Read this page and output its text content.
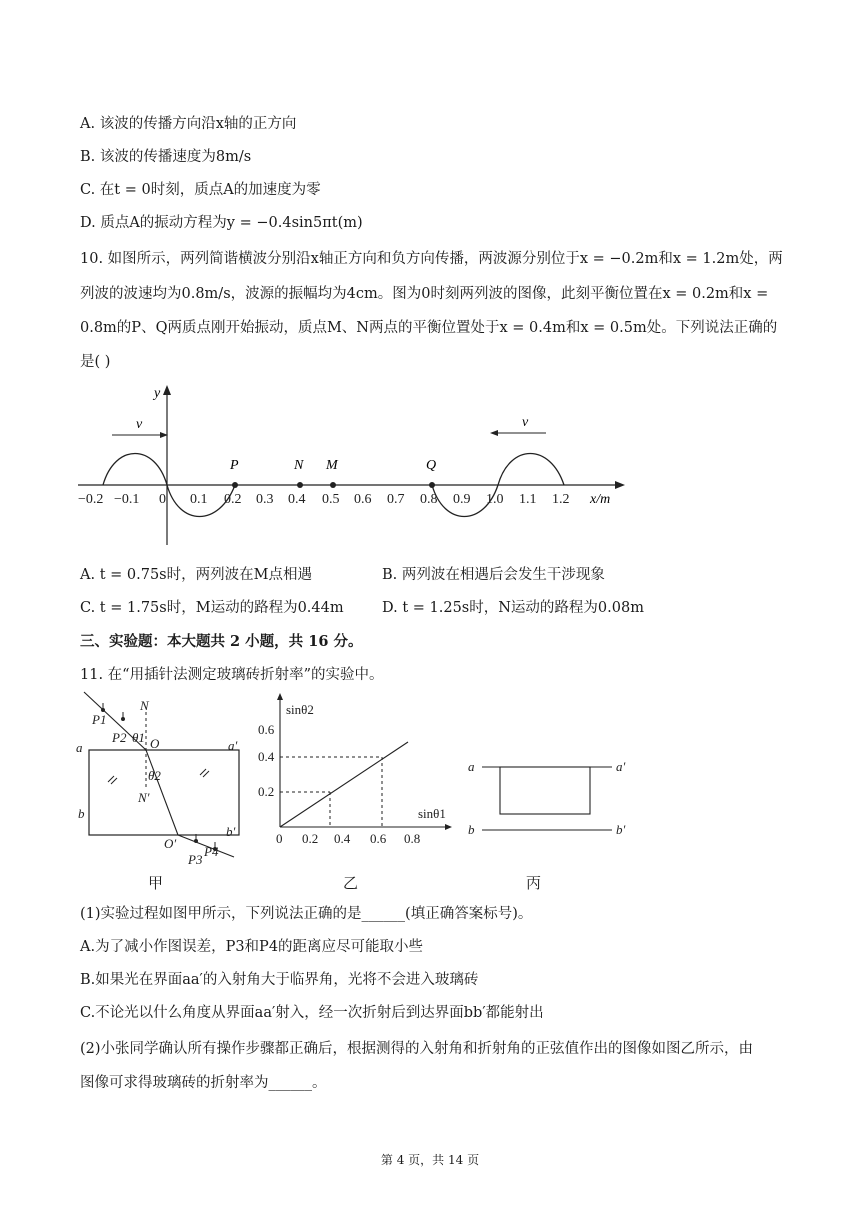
A. 该波的传播方向沿x轴的正方向
B. 该波的传播速度为8m/s
C. 在t = 0时刻，质点A的加速度为零
D. 质点A的振动方程为y = −0.4sin5πt(m)
10. 如图所示，两列简谐横波分别沿x轴正方向和负方向传播，两波源分别位于x = −0.2m和x = 1.2m处，两
列波的波速均为0.8m/s，波源的振幅均为4cm。图为0时刻两列波的图像，此刻平衡位置在x = 0.2m和x =
0.8m的P、Q两质点刚开始振动，质点M、N两点的平衡位置处于x = 0.4m和x = 0.5m处。下列说法正确的
是( )
y
x/m
−0.2 −0.1 0 0.1 0.2 0.3 0.4 0.5 0.6 0.7 0.8 0.9 1.0 1.1 1.2
v	v
P	N M	Q
A. t = 0.75s时，两列波在M点相遇	B. 两列波在相遇后会发生干涉现象
C. t = 1.75s时，M运动的路程为0.44m	D. t = 1.25s时，N运动的路程为0.08m
三、实验题：本大题共 2 小题，共 16 分。
11. 在“用插针法测定玻璃砖折射率”的实验中。
P1
P2
N
θ1 O
θ2
N′
O′
P3
P4
a	a′
b
b′
sinθ2
sinθ1
0.2
0.4
0.6
0 0.2 0.4 0.6 0.8
a	a′
b	b′
甲	乙	丙
(1)实验过程如图甲所示，下列说法正确的是______(填正确答案标号)。
A.为了减小作图误差，P3和P4的距离应尽可能取小些
B.如果光在界面aa′的入射角大于临界角，光将不会进入玻璃砖
C.不论光以什么角度从界面aa′射入，经一次折射后到达界面bb′都能射出
(2)小张同学确认所有操作步骤都正确后，根据测得的入射角和折射角的正弦值作出的图像如图乙所示，由
图像可求得玻璃砖的折射率为______。
第 4 页，共 14 页
